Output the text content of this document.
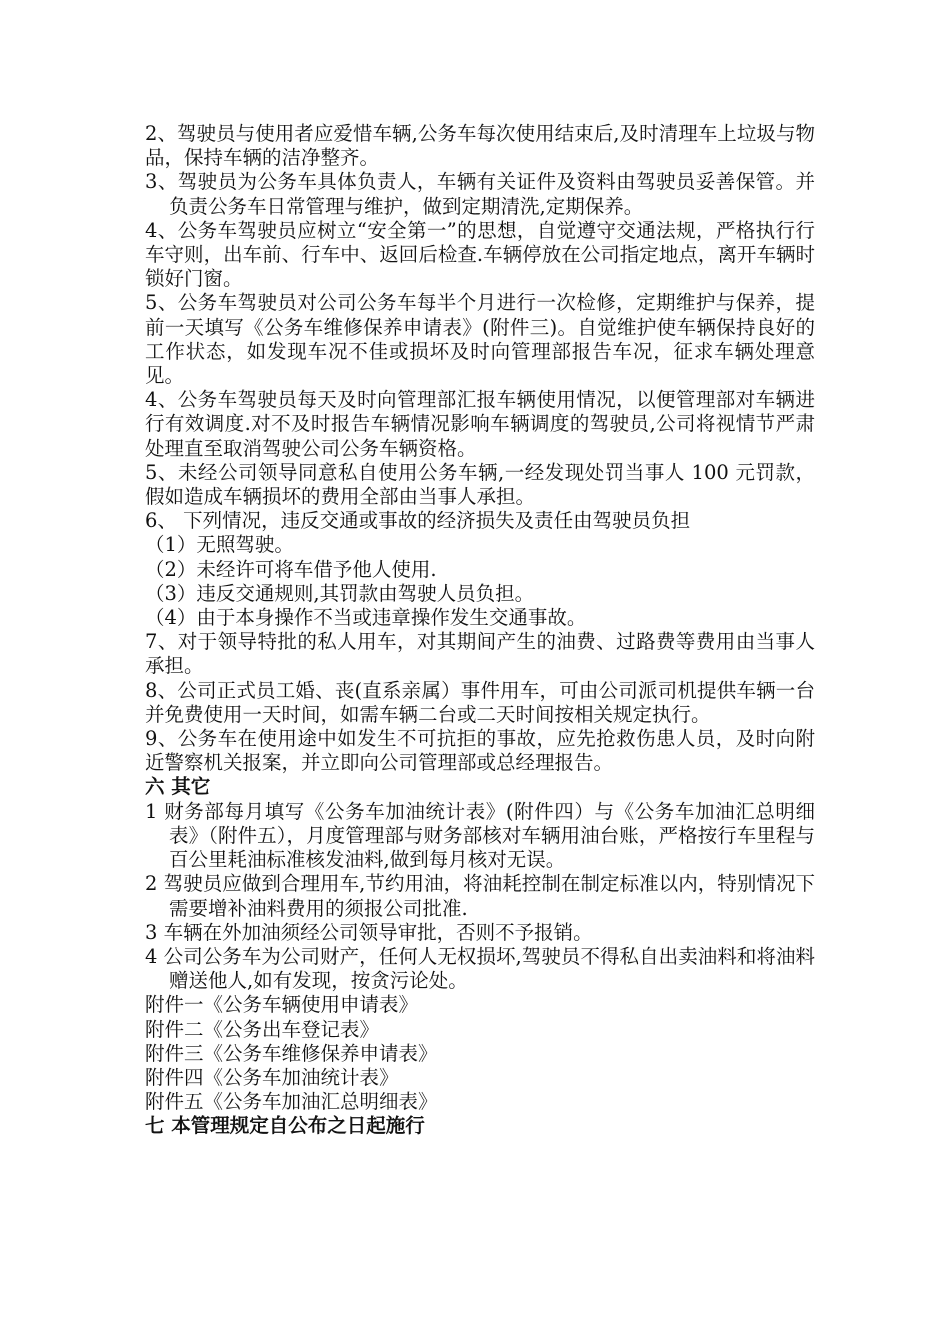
2、驾驶员与使用者应爱惜车辆,公务车每次使用结束后,及时清理车上垃圾与物品，保持车辆的洁净整齐。

3、驾驶员为公务车具体负责人，车辆有关证件及资料由驾驶员妥善保管。并负责公务车日常管理与维护，做到定期清洗,定期保养。

4、公务车驾驶员应树立“安全第一”的思想，自觉遵守交通法规，严格执行行车守则，出车前、行车中、返回后检查.车辆停放在公司指定地点，离开车辆时锁好门窗。

5、公务车驾驶员对公司公务车每半个月进行一次检修，定期维护与保养，提前一天填写《公务车维修保养申请表》(附件三)。自觉维护使车辆保持良好的工作状态，如发现车况不佳或损坏及时向管理部报告车况，征求车辆处理意见。

4、公务车驾驶员每天及时向管理部汇报车辆使用情况，以便管理部对车辆进行有效调度.对不及时报告车辆情况影响车辆调度的驾驶员,公司将视情节严肃处理直至取消驾驶公司公务车辆资格。

5、未经公司领导同意私自使用公务车辆,一经发现处罚当事人 100 元罚款，假如造成车辆损坏的费用全部由当事人承担。

6、 下列情况，违反交通或事故的经济损失及责任由驾驶员负担

（1）无照驾驶。

（2）未经许可将车借予他人使用.

（3）违反交通规则,其罚款由驾驶人员负担。

（4）由于本身操作不当或违章操作发生交通事故。

7、对于领导特批的私人用车，对其期间产生的油费、过路费等费用由当事人承担。

8、公司正式员工婚、丧(直系亲属）事件用车，可由公司派司机提供车辆一台并免费使用一天时间，如需车辆二台或二天时间按相关规定执行。

9、公务车在使用途中如发生不可抗拒的事故，应先抢救伤患人员，及时向附近警察机关报案，并立即向公司管理部或总经理报告。

六 其它

1 财务部每月填写《公务车加油统计表》(附件四）与《公务车加油汇总明细表》（附件五），月度管理部与财务部核对车辆用油台账，严格按行车里程与百公里耗油标准核发油料,做到每月核对无误。

2 驾驶员应做到合理用车,节约用油，将油耗控制在制定标准以内，特别情况下需要增补油料费用的须报公司批准.

3 车辆在外加油须经公司领导审批，否则不予报销。

4 公司公务车为公司财产，任何人无权损坏,驾驶员不得私自出卖油料和将油料赠送他人,如有发现，按贪污论处。

附件一《公务车辆使用申请表》

附件二《公务出车登记表》

附件三《公务车维修保养申请表》

附件四《公务车加油统计表》

附件五《公务车加油汇总明细表》

七 本管理规定自公布之日起施行
